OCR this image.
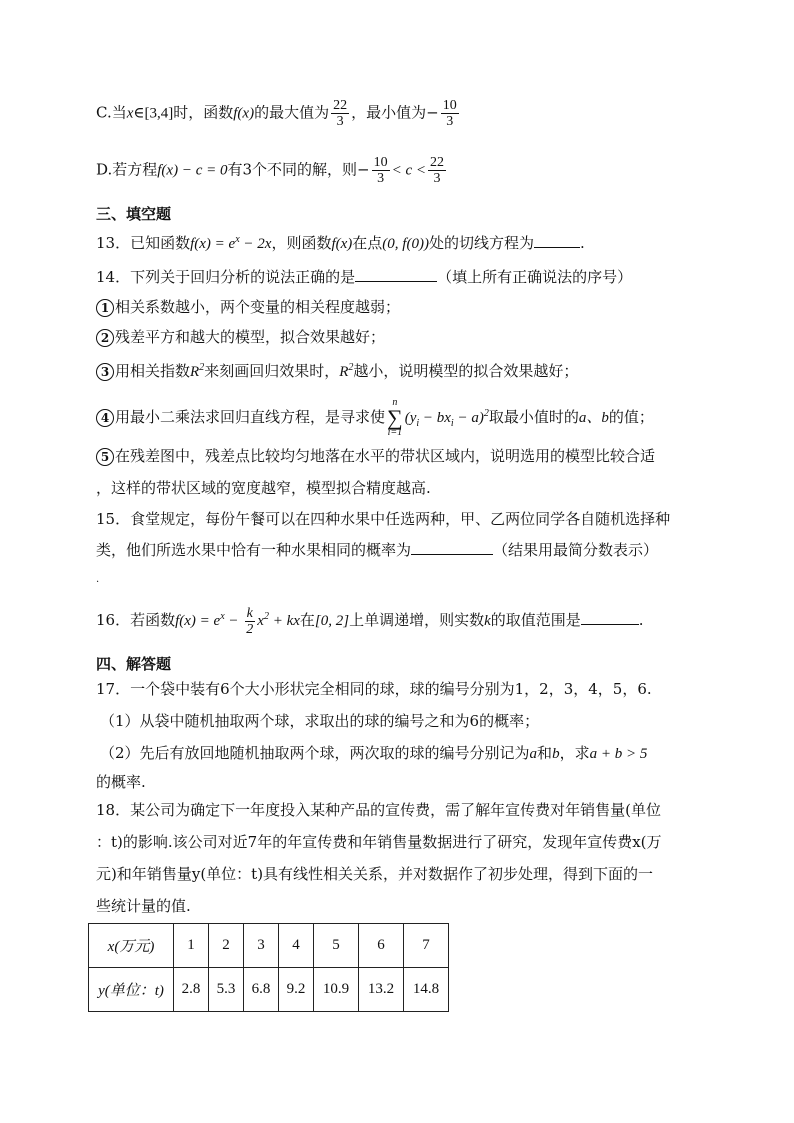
C.当x∈[3,4]时，函数f(x)的最大值为 $\frac{22}{3}$ ，最小值为− $\frac{10}{3}$
D.若方程f(x) − c = 0有3个不同的解，则− $\frac{10}{3} < c < \frac{22}{3}$
三、填空题
13．已知函数$f(x) = e^x - 2x$，则函数f(x)在点(0, f(0))处的切线方程为	.
14．下列关于回归分析的说法正确的是	（填上所有正确说法的序号）
1 相关系数越小，两个变量的相关程度越弱；
2 残差平方和越大的模型，拟合效果越好；
3 用相关指数$R^2$来刻画回归效果时，$R^2$越小，说明模型的拟合效果越好；
4 用最小二乘法求回归直线方程，是寻求使
n
∑
i=1
$(y_i - bx_i - a)^2$取最小值时的a、b的值；
5 在残差图中，残差点比较均匀地落在水平的带状区域内，说明选用的模型比较合适
，这样的带状区域的宽度越窄，模型拟合精度越高.
15．食堂规定，每份午餐可以在四种水果中任选两种，甲、乙两位同学各自随机选择种
类，他们所选水果中恰有一种水果相同的概率为	（结果用最简分数表示）
.
16．若函数$f(x) = e^x - \frac{k}{2} x^2$ + kx在[0, 2]上单调递增，则实数k的取值范围是	.
四、解答题
17．一个袋中装有6个大小形状完全相同的球，球的编号分别为1，2，3，4，5，6.
（1）从袋中随机抽取两个球，求取出的球的编号之和为6的概率；
（2）先后有放回地随机抽取两个球，两次取的球的编号分别记为a和b，求a + b > 5
的概率.
18．某公司为确定下一年度投入某种产品的宣传费，需了解年宣传费对年销售量(单位
：t)的影响.该公司对近7年的年宣传费和年销售量数据进行了研究，发现年宣传费x(万
元)和年销售量y(单位：t)具有线性相关关系，并对数据作了初步处理，得到下面的一
些统计量的值.
x(万元)	1	2	3	4	5	6	7
y(单位：t)	2.8	5.3	6.8	9.2	10.9	13.2	14.8
